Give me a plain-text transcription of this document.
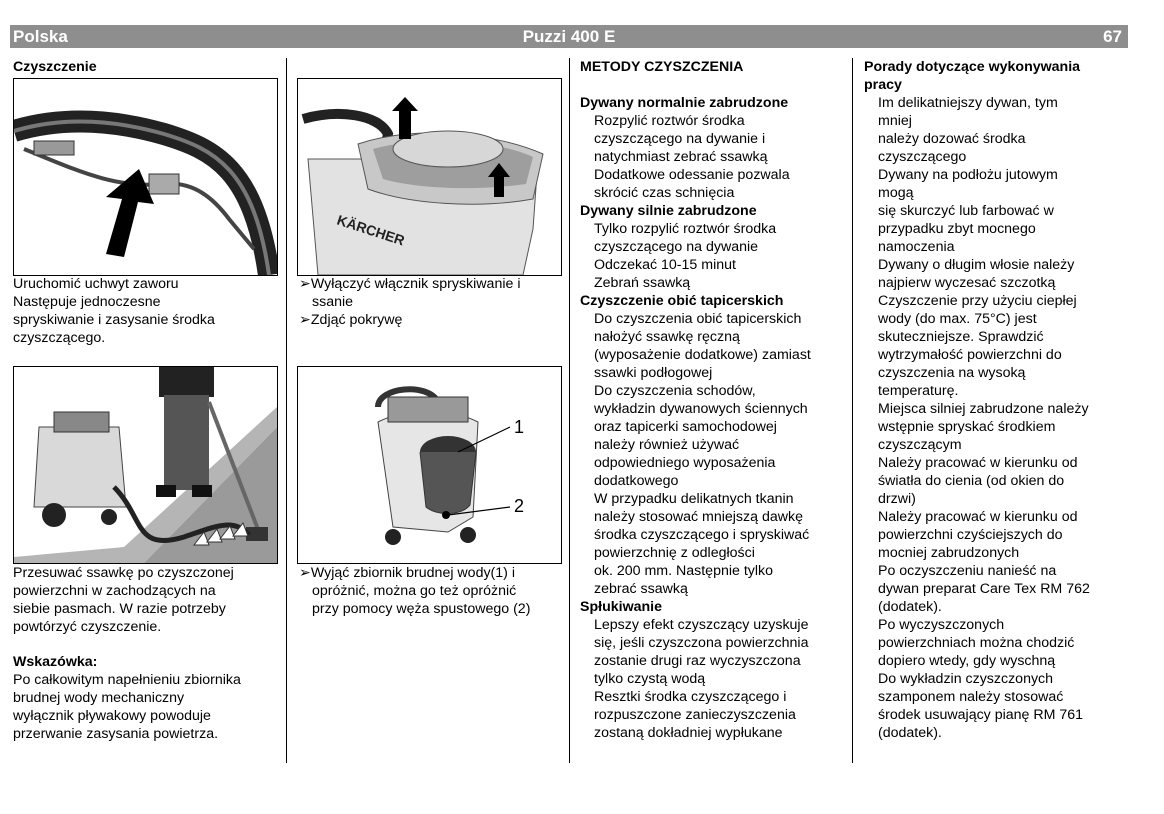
Polska	Puzzi 400 E	67

Czyszczenie

Uruchomić uchwyt zaworu

Następuje jednoczesne

spryskiwanie i zasysanie środka

czyszczącego.

Przesuwać ssawkę po czyszczonej

powierzchni w zachodzących na

siebie pasmach. W razie potrzeby

powtórzyć czyszczenie.

Wskazówka:

Po całkowitym napełnieniu zbiornika

brudnej wody mechaniczny

wyłącznik pływakowy powoduje

przerwanie zasysania powietrza.

KÄRCHER

➢Wyłączyć włącznik spryskiwanie i
ssanie

➢Zdjąć pokrywę

1
2

➢Wyjąć zbiornik brudnej wody(1) i
opróżnić, można go też opróżnić
przy pomocy węża spustowego (2)

METODY CZYSZCZENIA

Dywany normalnie zabrudzone

Rozpylić roztwór środka

czyszczącego na dywanie i

natychmiast zebrać ssawką

Dodatkowe odessanie pozwala

skrócić czas schnięcia

Dywany silnie zabrudzone

Tylko rozpylić roztwór środka

czyszczącego na dywanie

Odczekać 10-15 minut

Zebrań ssawką

Czyszczenie obić tapicerskich

Do czyszczenia obić tapicerskich

nałożyć ssawkę ręczną

(wyposażenie dodatkowe) zamiast

ssawki podłogowej

Do czyszczenia schodów,

wykładzin dywanowych ściennych

oraz tapicerki samochodowej

należy również używać

odpowiedniego wyposażenia

dodatkowego

W przypadku delikatnych tkanin

należy stosować mniejszą dawkę

środka czyszczącego i spryskiwać

powierzchnię z odległości

ok. 200 mm. Następnie tylko

zebrać ssawką

Spłukiwanie

Lepszy efekt czyszczący uzyskuje

się, jeśli czyszczona powierzchnia

zostanie drugi raz wyczyszczona

tylko czystą wodą

Resztki środka czyszczącego i

rozpuszczone zanieczyszczenia

zostaną dokładniej wypłukane

Porady dotyczące wykonywania

pracy

Im delikatniejszy dywan, tym

mniej

należy dozować środka

czyszczącego

Dywany na podłożu jutowym

mogą

się skurczyć lub farbować w

przypadku zbyt mocnego

namoczenia

Dywany o długim włosie należy

najpierw wyczesać szczotką

Czyszczenie przy użyciu ciepłej

wody (do max. 75°C) jest

skuteczniejsze. Sprawdzić

wytrzymałość powierzchni do

czyszczenia na wysoką

temperaturę.

Miejsca silniej zabrudzone należy

wstępnie spryskać środkiem

czyszczącym

Należy pracować w kierunku od

światła do cienia (od okien do

drzwi)

Należy pracować w kierunku od

powierzchni czyściejszych do

mocniej zabrudzonych

Po oczyszczeniu nanieść na

dywan preparat Care Tex RM 762

(dodatek).

Po wyczyszczonych

powierzchniach można chodzić

dopiero wtedy, gdy wyschną

Do wykładzin czyszczonych

szamponem należy stosować

środek usuwający pianę RM 761

(dodatek).
